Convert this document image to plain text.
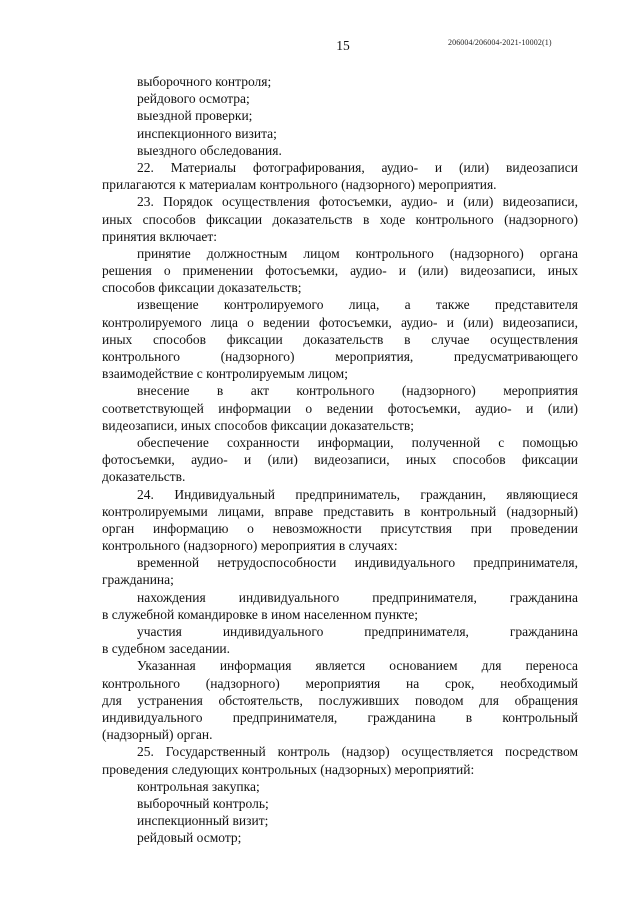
15	206004/206004-2021-10002(1)
выборочного контроля;
рейдового осмотра;
выездной проверки;
инспекционного визита;
выездного обследования.
22. Материалы фотографирования, аудио- и (или) видеозаписи
прилагаются к материалам контрольного (надзорного) мероприятия.
23. Порядок осуществления фотосъемки, аудио- и (или) видеозаписи,
иных способов фиксации доказательств в ходе контрольного (надзорного)
принятия включает:
принятие должностным лицом контрольного (надзорного) органа
решения о применении фотосъемки, аудио- и (или) видеозаписи, иных
способов фиксации доказательств;
извещение контролируемого лица, а также представителя
контролируемого лица о ведении фотосъемки, аудио- и (или) видеозаписи,
иных способов фиксации доказательств в случае осуществления
контрольного (надзорного) мероприятия, предусматривающего
взаимодействие с контролируемым лицом;
внесение в акт контрольного (надзорного) мероприятия
соответствующей информации о ведении фотосъемки, аудио- и (или)
видеозаписи, иных способов фиксации доказательств;
обеспечение сохранности информации, полученной с помощью
фотосъемки, аудио- и (или) видеозаписи, иных способов фиксации
доказательств.
24. Индивидуальный предприниматель, гражданин, являющиеся
контролируемыми лицами, вправе представить в контрольный (надзорный)
орган информацию о невозможности присутствия при проведении
контрольного (надзорного) мероприятия в случаях:
временной нетрудоспособности индивидуального предпринимателя,
гражданина;
нахождения индивидуального предпринимателя, гражданина
в служебной командировке в ином населенном пункте;
участия индивидуального предпринимателя, гражданина
в судебном заседании.
Указанная информация является основанием для переноса
контрольного (надзорного) мероприятия на срок, необходимый
для устранения обстоятельств, послуживших поводом для обращения
индивидуального предпринимателя, гражданина в контрольный
(надзорный) орган.
25. Государственный контроль (надзор) осуществляется посредством
проведения следующих контрольных (надзорных) мероприятий:
контрольная закупка;
выборочный контроль;
инспекционный визит;
рейдовый осмотр;
